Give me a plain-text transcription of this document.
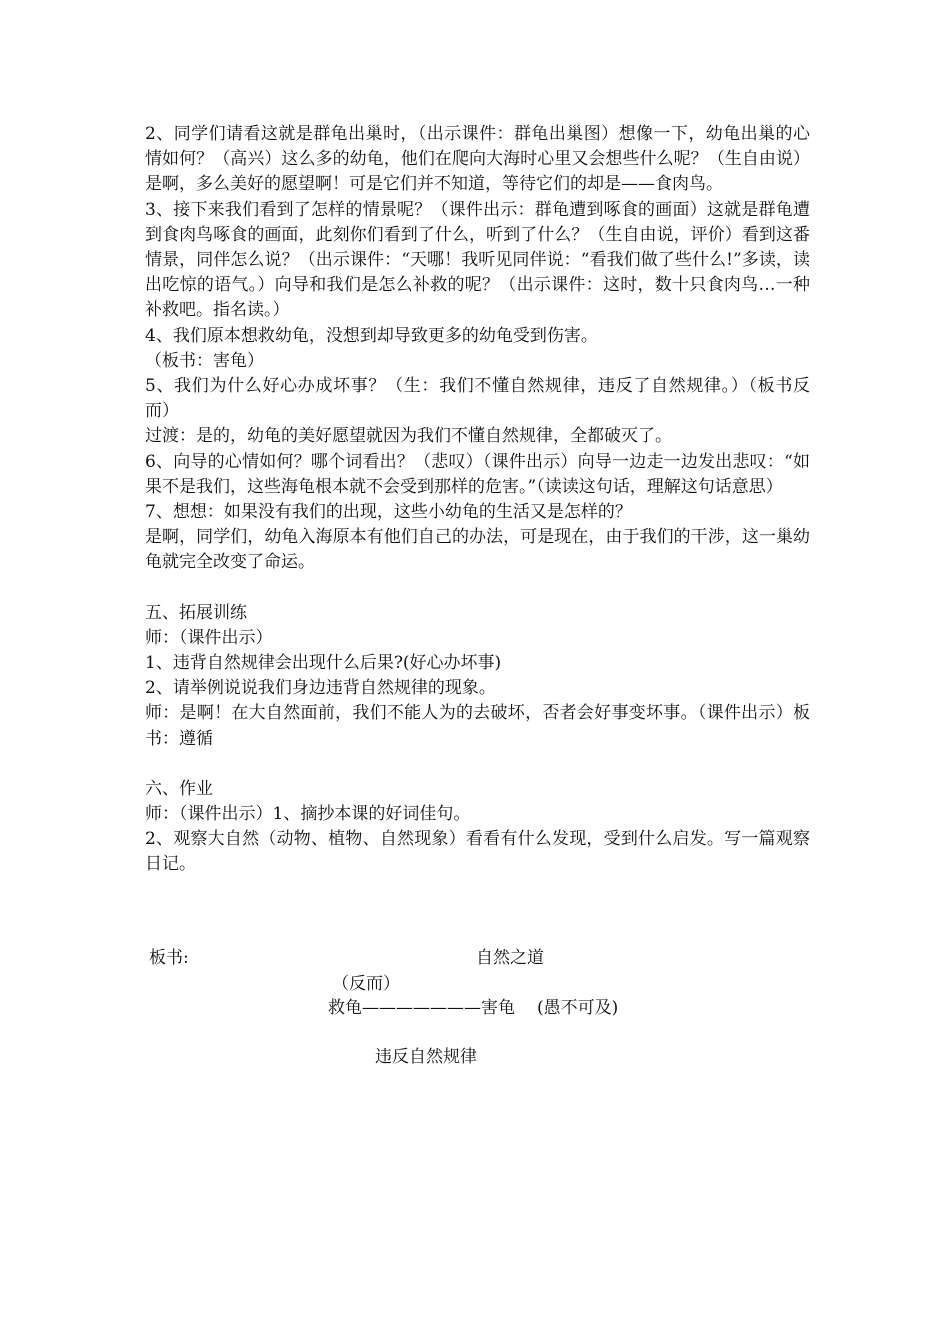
2、同学们请看这就是群龟出巢时，（出示课件：群龟出巢图）想像一下，幼龟出巢的心情如何？（高兴）这么多的幼龟，他们在爬向大海时心里又会想些什么呢？（生自由说）是啊，多么美好的愿望啊！可是它们并不知道，等待它们的却是——食肉鸟。

3、接下来我们看到了怎样的情景呢？（课件出示：群龟遭到啄食的画面）这就是群龟遭到食肉鸟啄食的画面，此刻你们看到了什么，听到了什么？（生自由说，评价）看到这番情景，同伴怎么说？（出示课件：“天哪！我听见同伴说：“看我们做了些什么!”多读，读出吃惊的语气。）向导和我们是怎么补救的呢？（出示课件：这时，数十只食肉鸟…一种补救吧。指名读。）

4、我们原本想救幼龟，没想到却导致更多的幼龟受到伤害。

（板书：害龟）

5、我们为什么好心办成坏事？（生：我们不懂自然规律，违反了自然规律。）（板书反而）

过渡：是的，幼龟的美好愿望就因为我们不懂自然规律，全都破灭了。

6、向导的心情如何？哪个词看出？（悲叹）（课件出示）向导一边走一边发出悲叹：“如果不是我们，这些海龟根本就不会受到那样的危害。”（读读这句话，理解这句话意思）

7、想想：如果没有我们的出现，这些小幼龟的生活又是怎样的？

是啊，同学们，幼龟入海原本有他们自己的办法，可是现在，由于我们的干涉，这一巢幼龟就完全改变了命运。

五、拓展训练

师：（课件出示）

1、违背自然规律会出现什么后果?(好心办坏事)

2、请举例说说我们身边违背自然规律的现象。

师：是啊！在大自然面前，我们不能人为的去破坏，否者会好事变坏事。（课件出示）板书：遵循

六、作业

师：（课件出示）1、摘抄本课的好词佳句。

2、观察大自然（动物、植物、自然现象）看看有什么发现，受到什么启发。写一篇观察日记。

板书:	自然之道
（反而）
救龟———————害龟 (愚不可及)
违反自然规律
